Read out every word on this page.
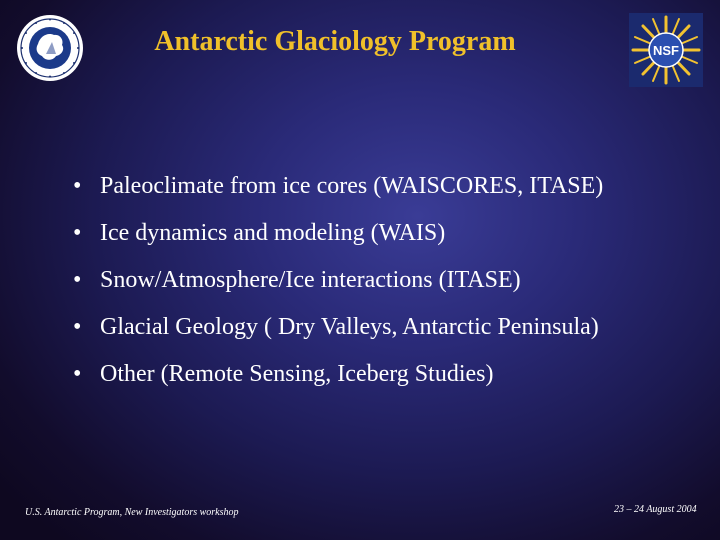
Antarctic Glaciology Program	NSF
• Paleoclimate from ice cores (WAISCORES, ITASE)
• Ice dynamics and modeling (WAIS)
• Snow/Atmosphere/Ice interactions (ITASE)
• Glacial Geology ( Dry Valleys, Antarctic Peninsula)
• Other (Remote Sensing, Iceberg Studies)
U.S. Antarctic Program, New Investigators workshop	23 – 24 August 2004
